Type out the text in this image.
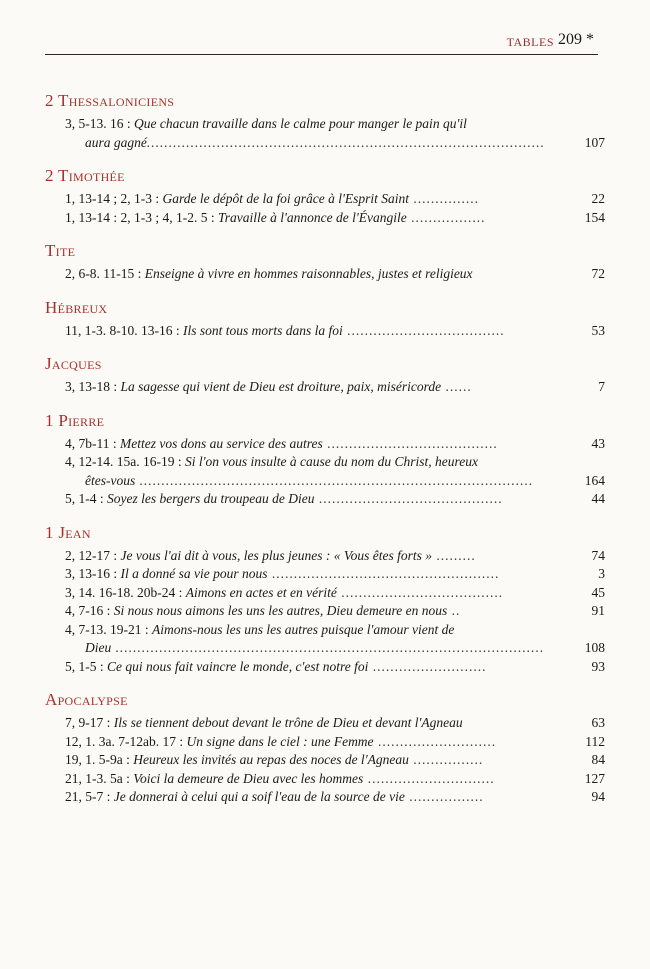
TABLES 209 *
2 Thessaloniciens
3, 5-13. 16 : Que chacun travaille dans le calme pour manger le pain qu'il
aura gagné...........................................................................................	107
2 Timothée
1, 13-14 ; 2, 1-3 : Garde le dépôt de la foi grâce à l'Esprit Saint ...............	22
1, 13-14 : 2, 1-3 ; 4, 1-2. 5 : Travaille à l'annonce de l'Évangile .................	154
Tite
2, 6-8. 11-15 : Enseigne à vivre en hommes raisonnables, justes et religieux	72
Hébreux
11, 1-3. 8-10. 13-16 : Ils sont tous morts dans la foi ....................................	53
Jacques
3, 13-18 : La sagesse qui vient de Dieu est droiture, paix, miséricorde ......	7
1 Pierre
4, 7b-11 : Mettez vos dons au service des autres .......................................	43
4, 12-14. 15a. 16-19 : Si l'on vous insulte à cause du nom du Christ, heureux
êtes-vous ..........................................................................................	164
5, 1-4 : Soyez les bergers du troupeau de Dieu ..........................................	44
1 Jean
2, 12-17 : Je vous l'ai dit à vous, les plus jeunes : « Vous êtes forts » .........	74
3, 13-16 : Il a donné sa vie pour nous ....................................................	3
3, 14. 16-18. 20b-24 : Aimons en actes et en vérité .....................................	45
4, 7-16 : Si nous nous aimons les uns les autres, Dieu demeure en nous ..	91
4, 7-13. 19-21 : Aimons-nous les uns les autres puisque l'amour vient de
Dieu ..................................................................................................	108
5, 1-5 : Ce qui nous fait vaincre le monde, c'est notre foi ..........................	93
Apocalypse
7, 9-17 : Ils se tiennent debout devant le trône de Dieu et devant l'Agneau	63
12, 1. 3a. 7-12ab. 17 : Un signe dans le ciel : une Femme ...........................	112
19, 1. 5-9a : Heureux les invités au repas des noces de l'Agneau ................	84
21, 1-3. 5a : Voici la demeure de Dieu avec les hommes .............................	127
21, 5-7 : Je donnerai à celui qui a soif l'eau de la source de vie .................	94
